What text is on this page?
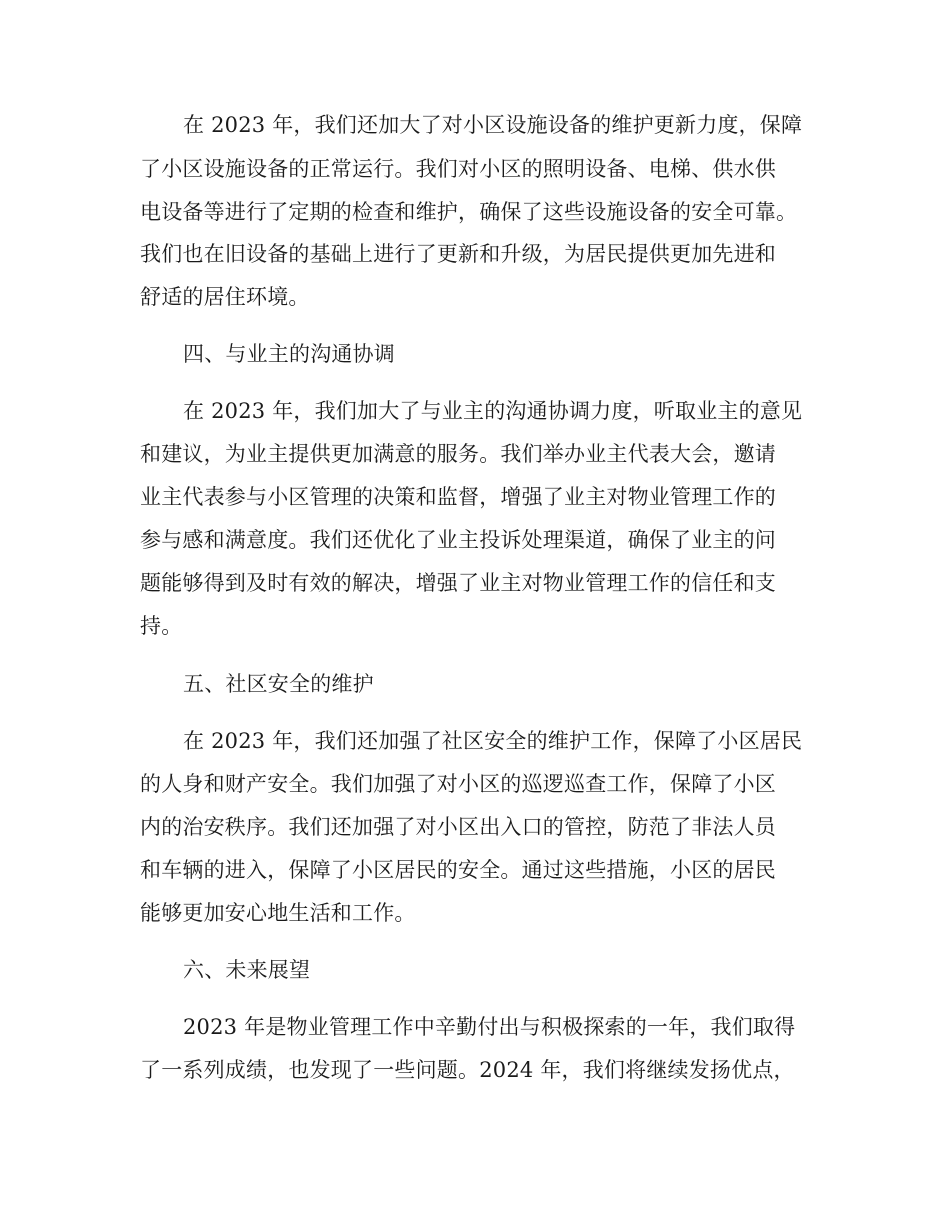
在 2023 年，我们还加大了对小区设施设备的维护更新力度，保障
了小区设施设备的正常运行。我们对小区的照明设备、电梯、供水供
电设备等进行了定期的检查和维护，确保了这些设施设备的安全可靠。
我们也在旧设备的基础上进行了更新和升级，为居民提供更加先进和
舒适的居住环境。
四、与业主的沟通协调
在 2023 年，我们加大了与业主的沟通协调力度，听取业主的意见
和建议，为业主提供更加满意的服务。我们举办业主代表大会，邀请
业主代表参与小区管理的决策和监督，增强了业主对物业管理工作的
参与感和满意度。我们还优化了业主投诉处理渠道，确保了业主的问
题能够得到及时有效的解决，增强了业主对物业管理工作的信任和支
持。
五、社区安全的维护
在 2023 年，我们还加强了社区安全的维护工作，保障了小区居民
的人身和财产安全。我们加强了对小区的巡逻巡查工作，保障了小区
内的治安秩序。我们还加强了对小区出入口的管控，防范了非法人员
和车辆的进入，保障了小区居民的安全。通过这些措施，小区的居民
能够更加安心地生活和工作。
六、未来展望
2023 年是物业管理工作中辛勤付出与积极探索的一年，我们取得
了一系列成绩，也发现了一些问题。2024 年，我们将继续发扬优点，
